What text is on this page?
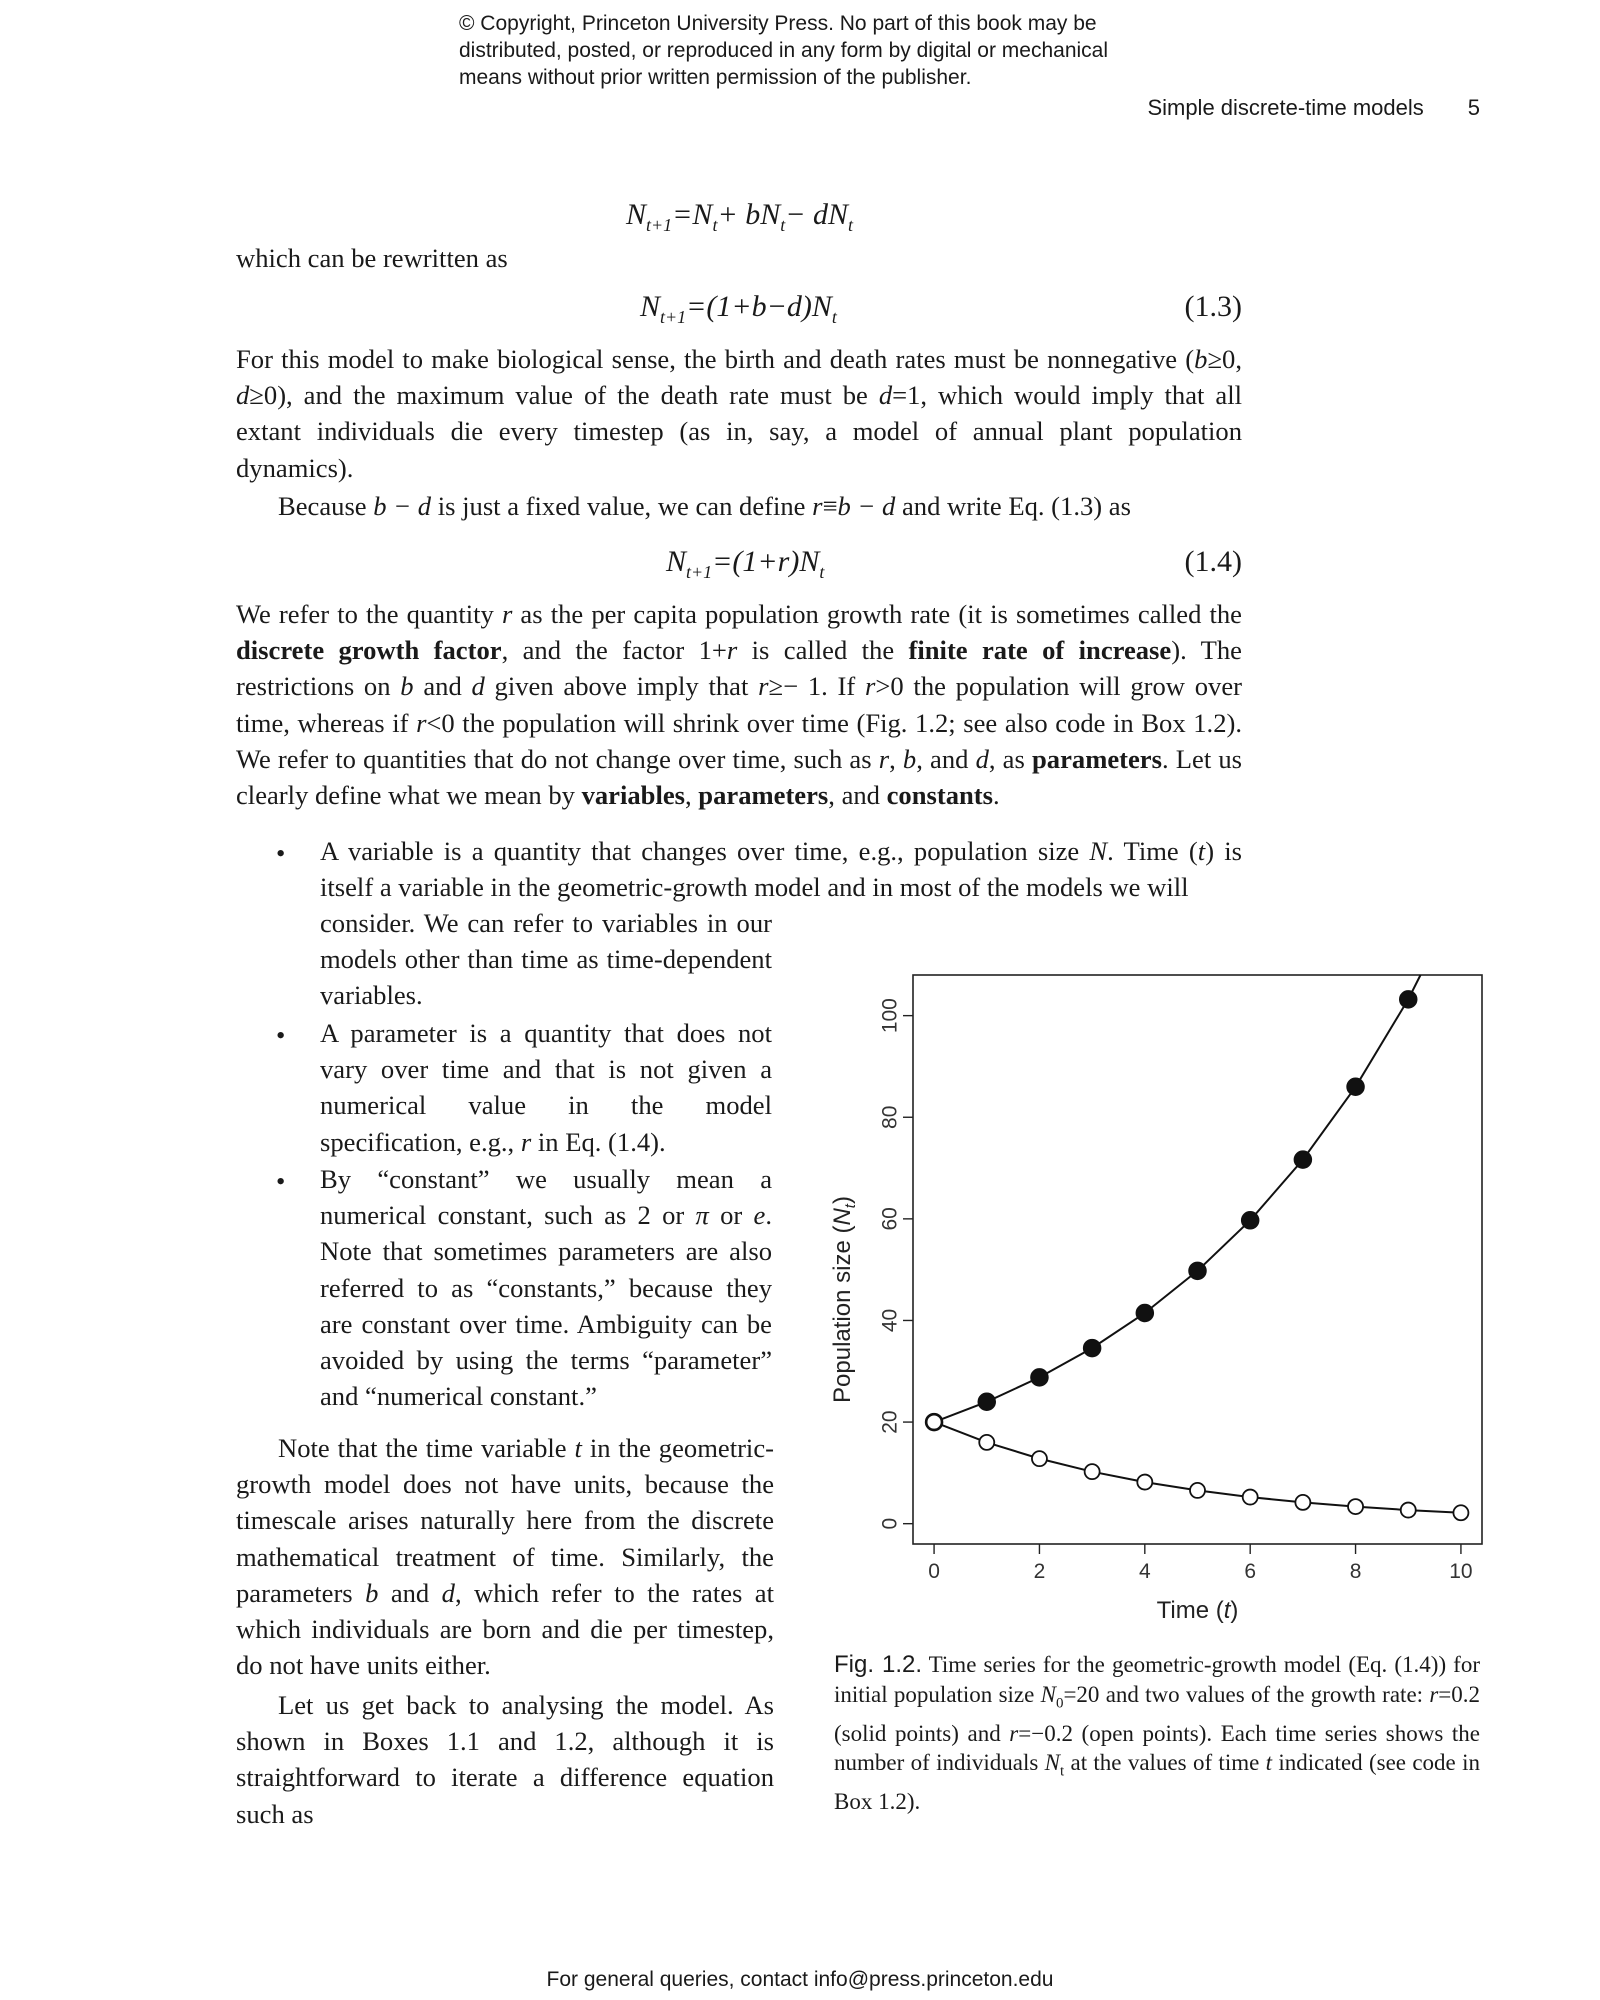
© Copyright, Princeton University Press. No part of this book may be
distributed, posted, or reproduced in any form by digital or mechanical
means without prior written permission of the publisher.
Simple discrete-time models 5
$N_{t+1}=N_t+ bN_t- dN_t$

which can be rewritten as

$N_{t+1}=(1+b-d)N_t$	(1.3)

For this model to make biological sense, the birth and death rates must be nonnegative (b≥0, d≥0), and the maximum value of the death rate must be d=1, which would imply that all extant individuals die every timestep (as in, say, a model of annual plant population dynamics).

Because b − d is just a fixed value, we can define r≡b − d and write Eq. (1.3) as

$N_{t+1}=(1+r)N_t$	(1.4)

We refer to the quantity r as the per capita population growth rate (it is sometimes called the discrete growth factor, and the factor 1+r is called the finite rate of increase). The restrictions on b and d given above imply that r≥− 1. If r>0 the population will grow over time, whereas if r<0 the population will shrink over time (Fig. 1.2; see also code in Box 1.2). We refer to quantities that do not change over time, such as r, b, and d, as parameters. Let us clearly define what we mean by variables, parameters, and constants.

• A variable is a quantity that changes over time, e.g., population size N. Time (t) is itself a variable in the geometric-growth model and in most of the models we will

consider. We can refer to variables in our models other than time as time-dependent variables.

• A parameter is a quantity that does not vary over time and that is not given a numerical value in the model specification, e.g., r in Eq. (1.4).

• By “constant” we usually mean a numerical constant, such as 2 or π or e. Note that sometimes parameters are also referred to as “constants,” because they are constant over time. Ambiguity can be avoided by using the terms “parameter” and “numerical constant.”

Note that the time variable t in the geometric-growth model does not have units, because the timescale arises naturally here from the discrete mathematical treatment of time. Similarly, the parameters b and d, which refer to the rates at which individuals are born and die per timestep, do not have units either.

Let us get back to analysing the model. As shown in Boxes 1.1 and 1.2, although it is straightforward to iterate a difference equation such as

0	2	4	6	8	10
0
20
40
60
80
100
Time (t)
Population size $(N_t)$

Fig. 1.2. Time series for the geometric-growth model (Eq. (1.4)) for initial population size $N_0=20$ and two values of the growth rate: r=0.2 (solid points) and r=−0.2 (open points). Each time series shows the number of individuals $N_t$ at the values of time t indicated (see code in Box 1.2).

For general queries, contact info@press.princeton.edu
